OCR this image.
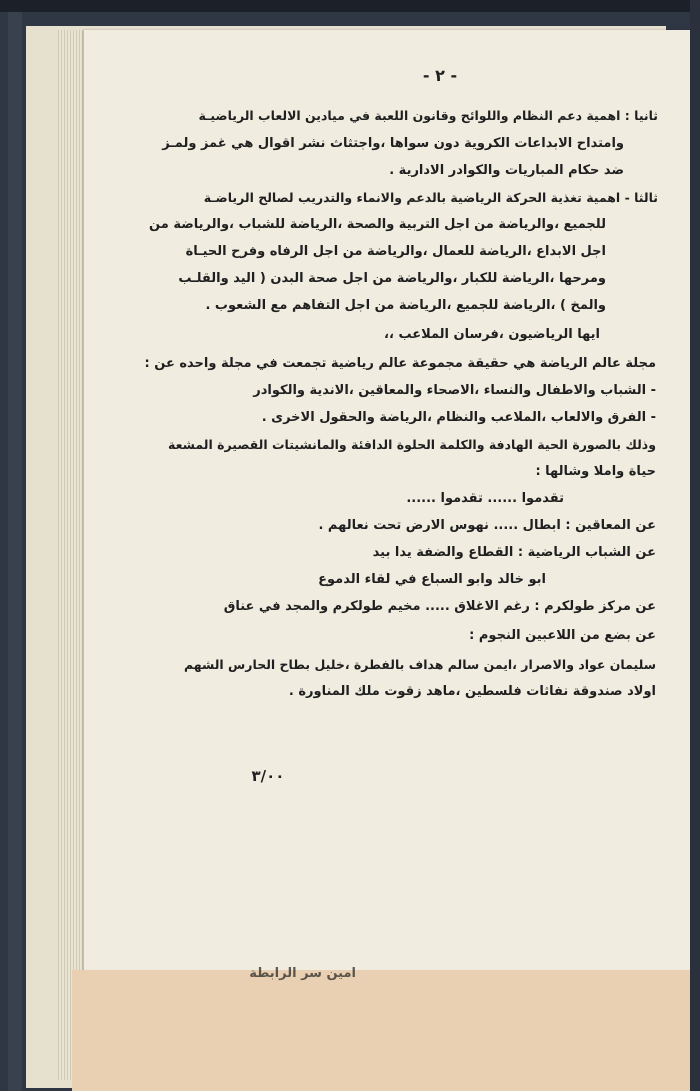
امين سر الرابطة
- ٢ -
ثانيا : اهمية دعم النظام واللوائح وقانون اللعبة في ميادين الالعاب الرياضيـة
وامتداح الابداعات الكروية دون سواها ،واجتثاث نشر اقوال هي غمز ولمـز
ضد حكام المباريات والكوادر الادارية .
ثالثا - اهمية تغذية الحركة الرياضية بالدعم والانماء والتدريب لصالح الرياضـة
للجميع ،والرياضة من اجل التربية والصحة ،الرياضة للشباب ،والرياضة من
اجل الابداع ،الرياضة للعمال ،والرياضة من اجل الرفاه وفرح الحيـاة
ومرحها ،الرياضة للكبار ،والرياضة من اجل صحة البدن ( اليد والقلـب
والمخ ) ،الرياضة للجميع ،الرياضة من اجل التفاهم مع الشعوب .
ايها الرياضيون ،فرسان الملاعب ،،
مجلة عالم الرياضة هي حقيقة مجموعة عالم رياضية تجمعت في مجلة واحده عن :
- الشباب والاطفال والنساء ،الاصحاء والمعاقين ،الاندية والكوادر
- الفرق والالعاب ،الملاعب والنظام ،الرياضة والحقول الاخرى .
وذلك بالصورة الحية الهادفة والكلمة الحلوة الدافئة والمانشيتات القصيرة المشعة
حياة واملا وشالها :
تقدموا ...... تقدموا ......
عن المعاقين : ابطال ..... نهوس الارض تحت نعالهم .
عن الشباب الرياضية : القطاع والضفة يدا بيد
ابو خالد وابو السباع في لقاء الدموع
عن مركز طولكرم : رغم الاغلاق ..... مخيم طولكرم والمجد في عناق
عن بضع من اللاعبين النجوم :
سليمان عواد والاصرار ،ايمن سالم هداف بالفطرة ،خليل بطاح الحارس الشهم
اولاد صندوقة نفاثات فلسطين ،ماهد زقوت ملك المناورة .
٣/٠٠
